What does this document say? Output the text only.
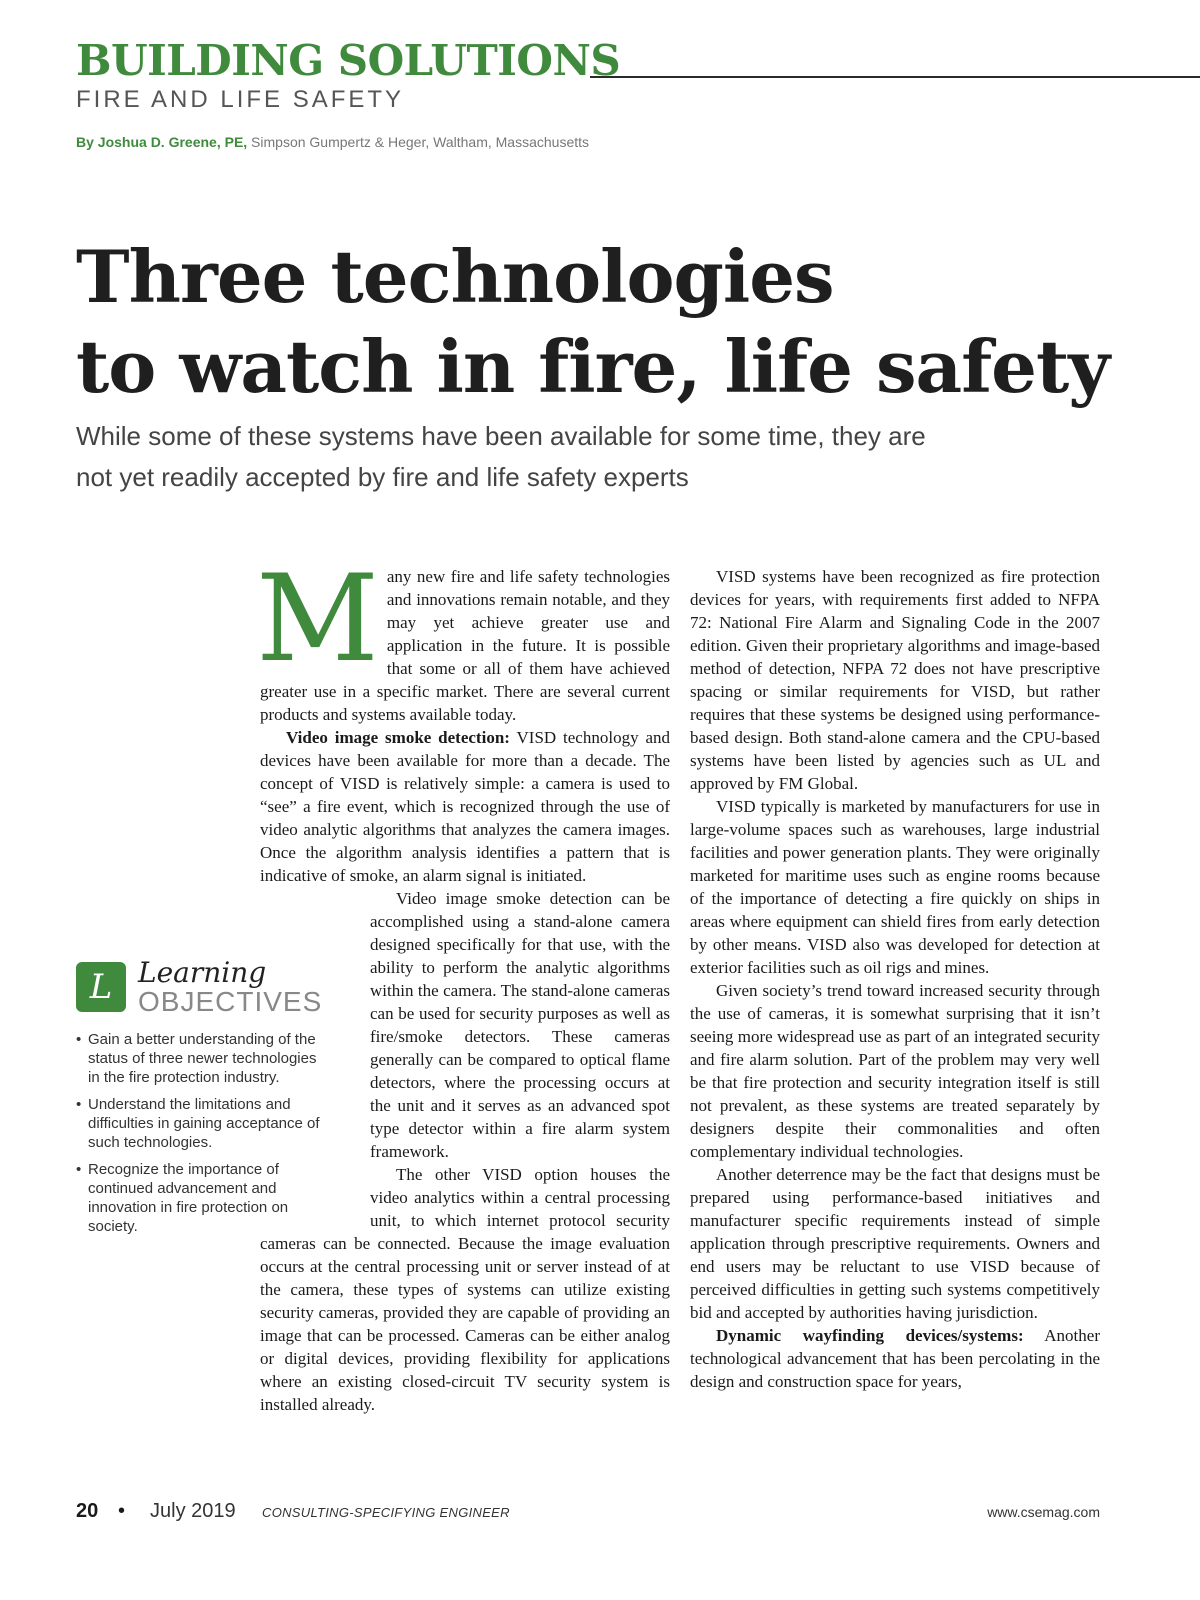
BUILDING SOLUTIONS
FIRE AND LIFE SAFETY
By Joshua D. Greene, PE, Simpson Gumpertz & Heger, Waltham, Massachusetts
Three technologies
to watch in fire, life safety

While some of these systems have been available for some time, they are
not yet readily accepted by fire and life safety experts

Many new fire and life safety technologies and innovations remain notable, and they may yet achieve greater use and application in the future. It is possible that some or all of them have achieved greater use in a specific market. There are several current products and systems available today.

Video image smoke detection: VISD technology and devices have been available for more than a decade. The concept of VISD is relatively simple: a camera is used to “see” a fire event, which is recognized through the use of video analytic algorithms that analyzes the camera images. Once the algorithm analysis identifies a pattern that is indicative of smoke, an alarm signal is initiated.

Video image smoke detection can be accomplished using a stand-alone camera designed specifically for that use, with the ability to perform the analytic algorithms within the camera. The stand-alone cameras can be used for security purposes as well as fire/smoke detectors. These cameras generally can be compared to optical flame detectors, where the processing occurs at the unit and it serves as an advanced spot type detector within a fire alarm system framework.

The other VISD option houses the video analytics within a central processing unit, to which internet protocol security cameras can be connected. Because the image evaluation occurs at the central processing unit or server instead of at the camera, these types of systems can utilize existing security cameras, provided they are capable of providing an image that can be processed. Cameras can be either analog or digital devices, providing flexibility for applications where an existing closed-circuit TV security system is installed already.

VISD systems have been recognized as fire protection devices for years, with requirements first added to NFPA 72: National Fire Alarm and Signaling Code in the 2007 edition. Given their proprietary algorithms and image-based method of detection, NFPA 72 does not have prescriptive spacing or similar requirements for VISD, but rather requires that these systems be designed using performance-based design. Both stand-alone camera and the CPU-based systems have been listed by agencies such as UL and approved by FM Global.

VISD typically is marketed by manufacturers for use in large-volume spaces such as warehouses, large industrial facilities and power generation plants. They were originally marketed for maritime uses such as engine rooms because of the importance of detecting a fire quickly on ships in areas where equipment can shield fires from early detection by other means. VISD also was developed for detection at exterior facilities such as oil rigs and mines.

Given society’s trend toward increased security through the use of cameras, it is somewhat surprising that it isn’t seeing more widespread use as part of an integrated security and fire alarm solution. Part of the problem may very well be that fire protection and security integration itself is still not prevalent, as these systems are treated separately by designers despite their commonalities and often complementary individual technologies.

Another deterrence may be the fact that designs must be prepared using performance-based initiatives and manufacturer specific requirements instead of simple application through prescriptive requirements. Owners and end users may be reluctant to use VISD because of perceived difficulties in getting such systems competitively bid and accepted by authorities having jurisdiction.

Dynamic wayfinding devices/systems: Another technological advancement that has been percolating in the design and construction space for years,

L Learning
OBJECTIVES
• Gain a better understanding of the status of three newer technologies in the fire protection industry.
• Understand the limitations and difficulties in gaining acceptance of such technologies.
• Recognize the importance of continued advancement and innovation in fire protection on society.
20 • July 2019 CONSULTING-SPECIFYING ENGINEER	www.csemag.com
